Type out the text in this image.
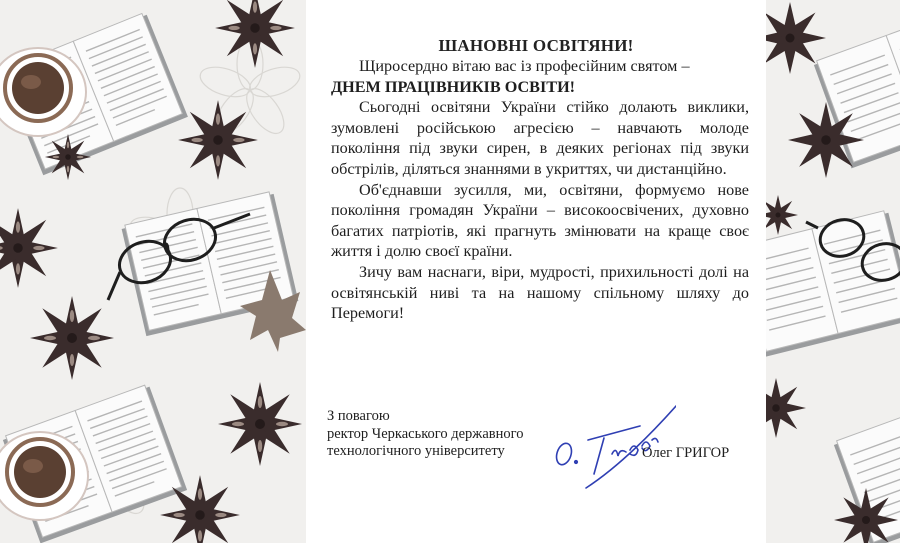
ШАНОВНІ ОСВІТЯНИ!

Щиросердно вітаю вас із професійним святом –

ДНЕМ ПРАЦІВНИКІВ ОСВІТИ!

Сьогодні освітяни України стійко долають виклики, зумовлені російською агресією – навчають молоде покоління під звуки сирен, в деяких регіонах під звуки обстрілів, діляться знаннями в укриттях, чи дистанційно.

Об'єднавши зусилля, ми, освітяни, формуємо нове покоління громадян України – високоосвічених, духовно багатих патріотів, які прагнуть змінювати на краще своє життя і долю своєї країни.

Зичу вам наснаги, віри, мудрості, прихильності долі на освітянській ниві та на нашому спільному шляху до Перемоги!

З повагою
ректор Черкаського державного
технологічного університету	Олег ГРИГОР
